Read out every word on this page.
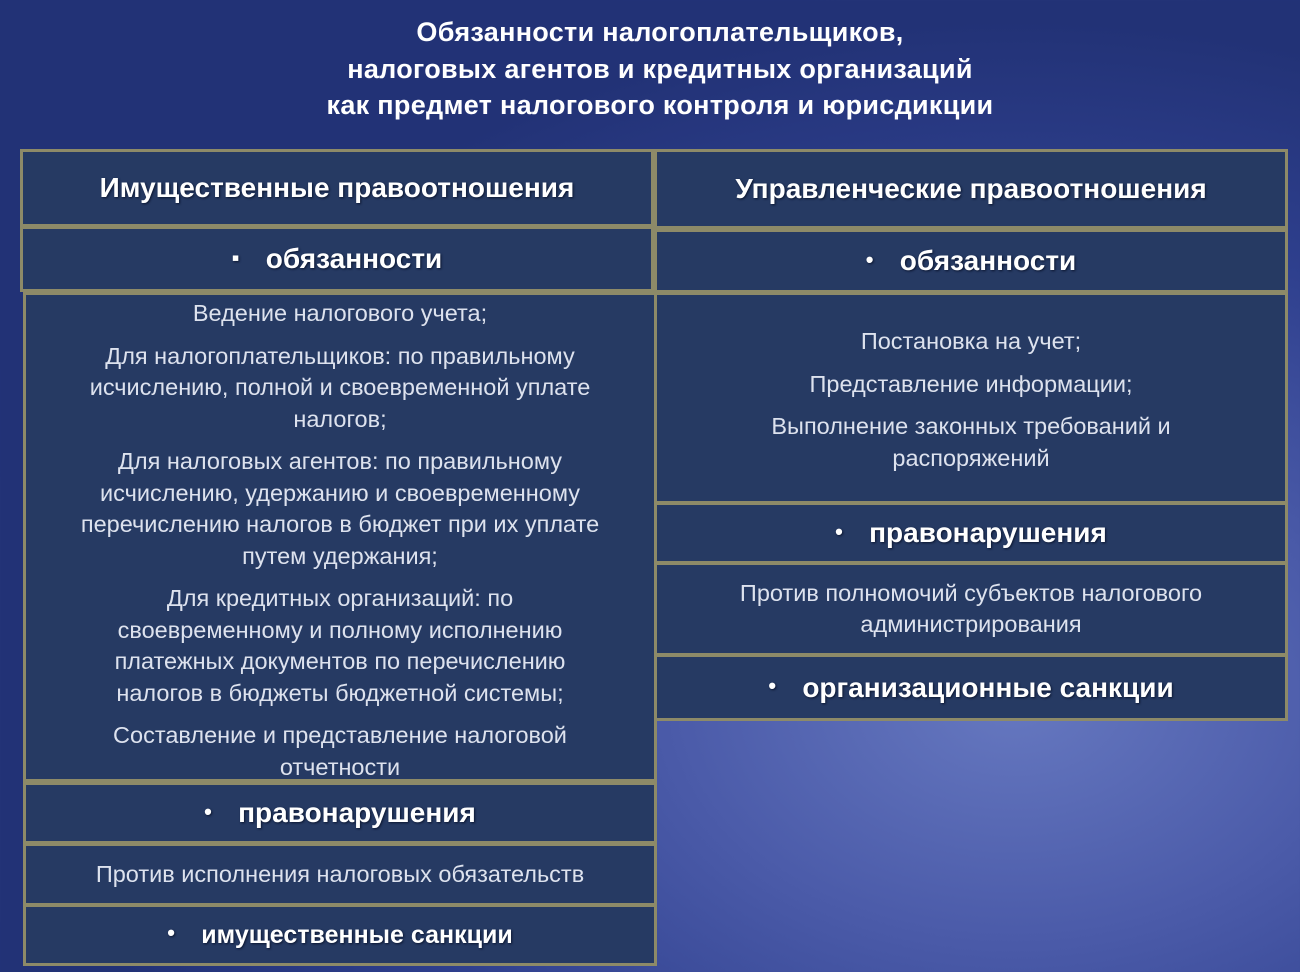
Обязанности налогоплательщиков,
налоговых агентов и кредитных организаций
как предмет налогового контроля и юрисдикции
Имущественные правоотношения
▪ обязанности

Ведение налогового учета;

Для налогоплательщиков: по правильному
исчислению, полной и своевременной уплате
налогов;

Для налоговых агентов: по правильному
исчислению, удержанию и своевременному
перечислению налогов в бюджет при их уплате
путем удержания;

Для кредитных организаций: по
своевременному и полному исполнению
платежных документов по перечислению
налогов в бюджеты бюджетной системы;

Составление и представление налоговой
отчетности

• правонарушения
Против исполнения налоговых обязательств
• имущественные санкции
Управленческие правоотношения
• обязанности

Постановка на учет;

Представление информации;

Выполнение законных требований и
распоряжений

• правонарушения
Против полномочий субъектов налогового
администрирования
• организационные санкции
